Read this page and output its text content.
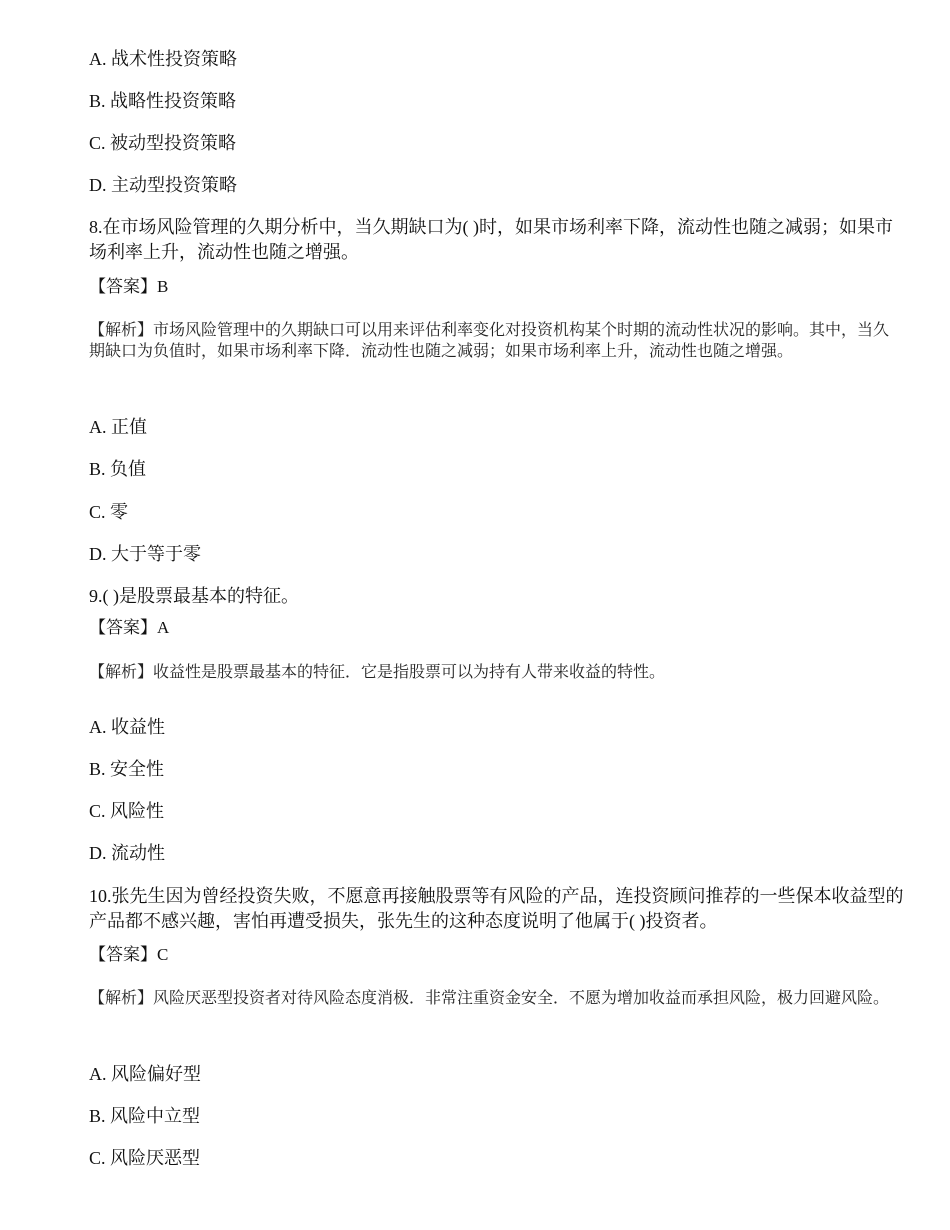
A. 战术性投资策略

B. 战略性投资策略

C. 被动型投资策略

D. 主动型投资策略

8.在市场风险管理的久期分析中，当久期缺口为( )时，如果市场利率下降，流动性也随之减弱；如果市场利率上升，流动性也随之增强。

【答案】B

【解析】市场风险管理中的久期缺口可以用来评估利率变化对投资机构某个时期的流动性状况的影响。其中，当久期缺口为负值时，如果市场利率下降．流动性也随之减弱；如果市场利率上升，流动性也随之增强。

A. 正值

B. 负值

C. 零

D. 大于等于零

9.( )是股票最基本的特征。

【答案】A

【解析】收益性是股票最基本的特征．它是指股票可以为持有人带来收益的特性。

A. 收益性

B. 安全性

C. 风险性

D. 流动性

10.张先生因为曾经投资失败，不愿意再接触股票等有风险的产品，连投资顾问推荐的一些保本收益型的产品都不感兴趣，害怕再遭受损失，张先生的这种态度说明了他属于( )投资者。

【答案】C

【解析】风险厌恶型投资者对待风险态度消极．非常注重资金安全．不愿为增加收益而承担风险，极力回避风险。

A. 风险偏好型

B. 风险中立型

C. 风险厌恶型
